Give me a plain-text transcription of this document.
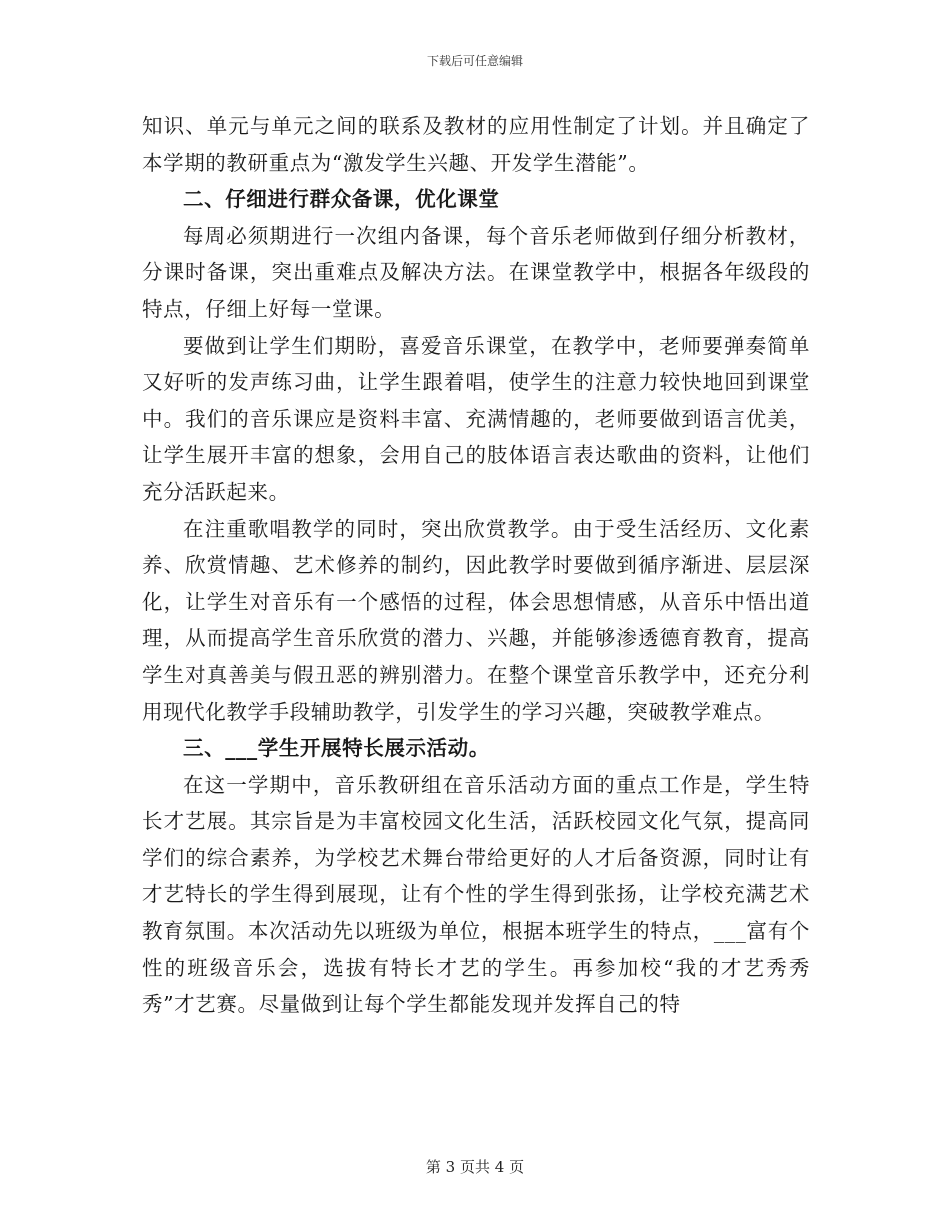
下载后可任意编辑

知识、单元与单元之间的联系及教材的应用性制定了计划。并且确定了本学期的教研重点为“激发学生兴趣、开发学生潜能”。

二、仔细进行群众备课，优化课堂

每周必须期进行一次组内备课，每个音乐老师做到仔细分析教材，分课时备课，突出重难点及解决方法。在课堂教学中，根据各年级段的特点，仔细上好每一堂课。

要做到让学生们期盼，喜爱音乐课堂，在教学中，老师要弹奏简单又好听的发声练习曲，让学生跟着唱，使学生的注意力较快地回到课堂中。我们的音乐课应是资料丰富、充满情趣的，老师要做到语言优美，让学生展开丰富的想象，会用自己的肢体语言表达歌曲的资料，让他们充分活跃起来。

在注重歌唱教学的同时，突出欣赏教学。由于受生活经历、文化素养、欣赏情趣、艺术修养的制约，因此教学时要做到循序渐进、层层深化，让学生对音乐有一个感悟的过程，体会思想情感，从音乐中悟出道理，从而提高学生音乐欣赏的潜力、兴趣，并能够渗透德育教育，提高学生对真善美与假丑恶的辨别潜力。在整个课堂音乐教学中，还充分利用现代化教学手段辅助教学，引发学生的学习兴趣，突破教学难点。

三、___学生开展特长展示活动。

在这一学期中，音乐教研组在音乐活动方面的重点工作是，学生特长才艺展。其宗旨是为丰富校园文化生活，活跃校园文化气氛，提高同学们的综合素养，为学校艺术舞台带给更好的人才后备资源，同时让有才艺特长的学生得到展现，让有个性的学生得到张扬，让学校充满艺术教育氛围。本次活动先以班级为单位，根据本班学生的特点，___富有个性的班级音乐会，选拔有特长才艺的学生。再参加校“我的才艺秀秀秀”才艺赛。尽量做到让每个学生都能发现并发挥自己的特

第 3 页共 4 页
